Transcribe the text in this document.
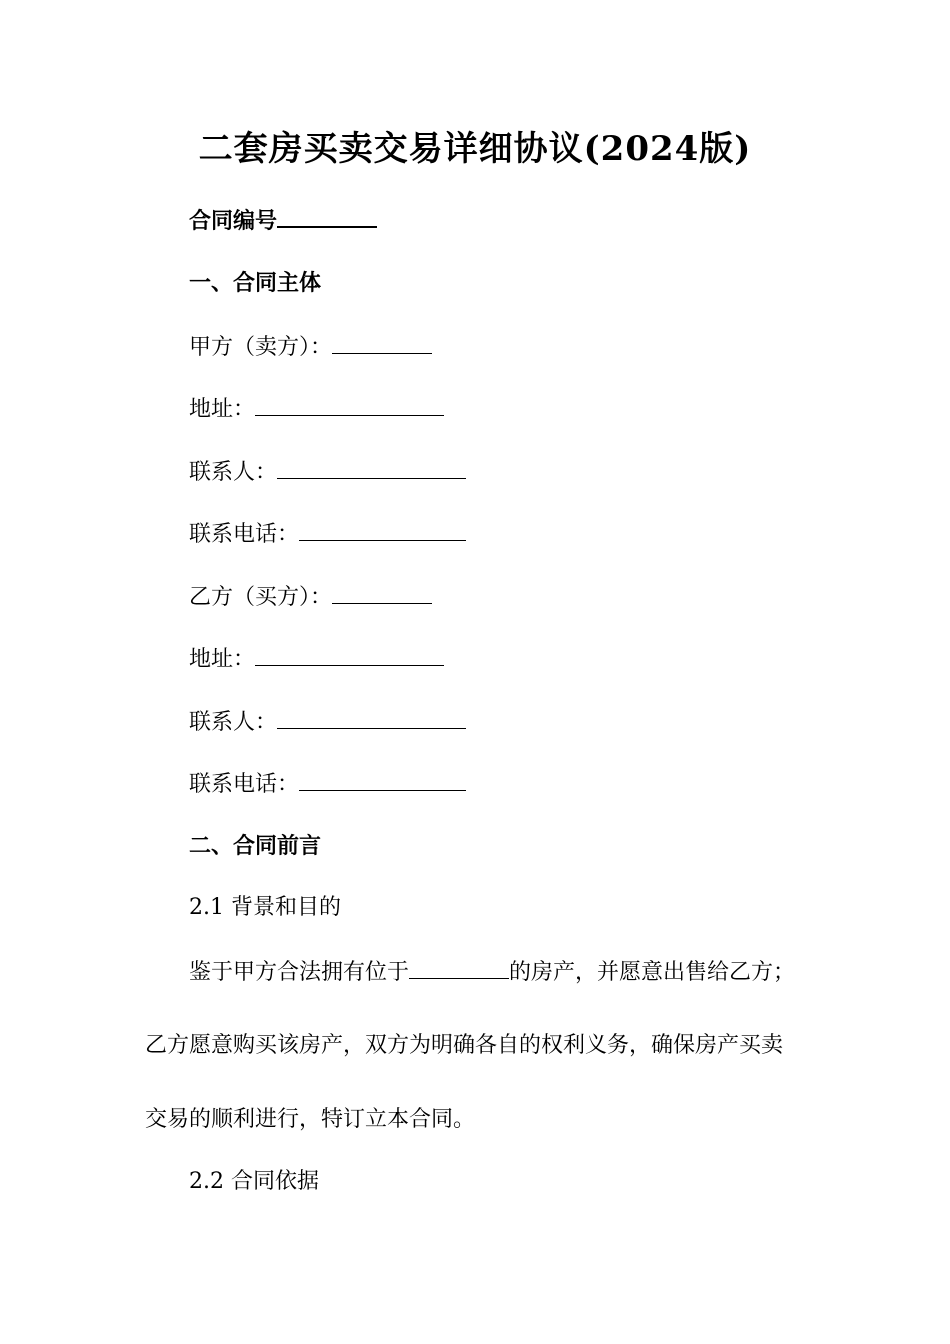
二套房买卖交易详细协议(2024版)
合同编号
一、合同主体
甲方（卖方）：
地址：
联系人：
联系电话：
乙方（买方）：
地址：
联系人：
联系电话：
二、合同前言
2.1 背景和目的
鉴于甲方合法拥有位于	的房产，并愿意出售给乙方；
乙方愿意购买该房产，双方为明确各自的权利义务，确保房产买卖
交易的顺利进行，特订立本合同。
2.2 合同依据
